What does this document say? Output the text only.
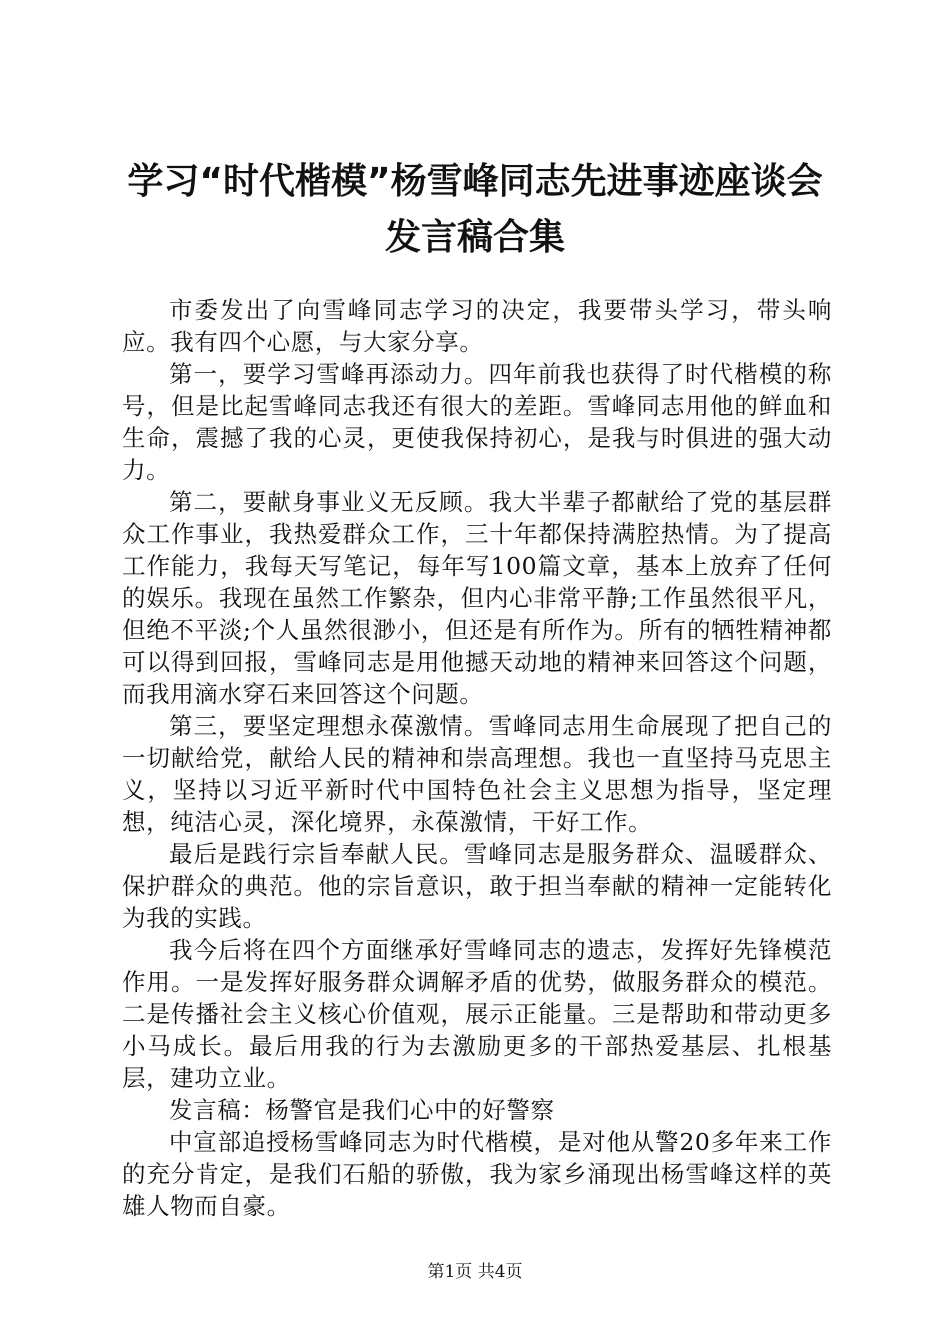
学习“时代楷模”杨雪峰同志先进事迹座谈会
发言稿合集

市委发出了向雪峰同志学习的决定，我要带头学习，带头响应。我有四个心愿，与大家分享。

第一，要学习雪峰再添动力。四年前我也获得了时代楷模的称号，但是比起雪峰同志我还有很大的差距。雪峰同志用他的鲜血和生命，震撼了我的心灵，更使我保持初心，是我与时俱进的强大动力。

第二，要献身事业义无反顾。我大半辈子都献给了党的基层群众工作事业，我热爱群众工作，三十年都保持满腔热情。为了提高工作能力，我每天写笔记，每年写100篇文章，基本上放弃了任何的娱乐。我现在虽然工作繁杂，但内心非常平静;工作虽然很平凡，但绝不平淡;个人虽然很渺小，但还是有所作为。所有的牺牲精神都可以得到回报，雪峰同志是用他撼天动地的精神来回答这个问题，而我用滴水穿石来回答这个问题。

第三，要坚定理想永葆激情。雪峰同志用生命展现了把自己的一切献给党，献给人民的精神和崇高理想。我也一直坚持马克思主义，坚持以习近平新时代中国特色社会主义思想为指导，坚定理想，纯洁心灵，深化境界，永葆激情，干好工作。

最后是践行宗旨奉献人民。雪峰同志是服务群众、温暖群众、保护群众的典范。他的宗旨意识，敢于担当奉献的精神一定能转化为我的实践。

我今后将在四个方面继承好雪峰同志的遗志，发挥好先锋模范作用。一是发挥好服务群众调解矛盾的优势，做服务群众的模范。二是传播社会主义核心价值观，展示正能量。三是帮助和带动更多小马成长。最后用我的行为去激励更多的干部热爱基层、扎根基层，建功立业。

发言稿：杨警官是我们心中的好警察

中宣部追授杨雪峰同志为时代楷模，是对他从警20多年来工作的充分肯定，是我们石船的骄傲，我为家乡涌现出杨雪峰这样的英雄人物而自豪。

第1页 共4页
